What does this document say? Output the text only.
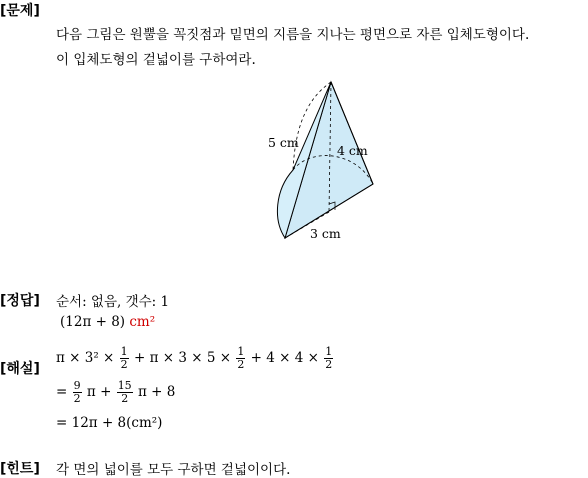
[문제]
다음 그림은 원뿔을 꼭짓점과 밑면의 지름을 지나는 평면으로 자른 입체도형이다.
이 입체도형의 겉넓이를 구하여라.
5 cm
4 cm
3 cm
[정답] 순서: 없음, 갯수: 1
(12π + 8) cm²
[해설]
$\pi \times 3^2 \times \frac{1}{2} + \pi \times 3 \times 5 \times \frac{1}{2} + 4 \times 4 \times \frac{1}{2}$
= $\frac{9}{2}$ $\pi + \frac{15}{2}$ π + 8
= 12π + 8(cm²)
[힌트] 각 면의 넓이를 모두 구하면 겉넓이이다.
